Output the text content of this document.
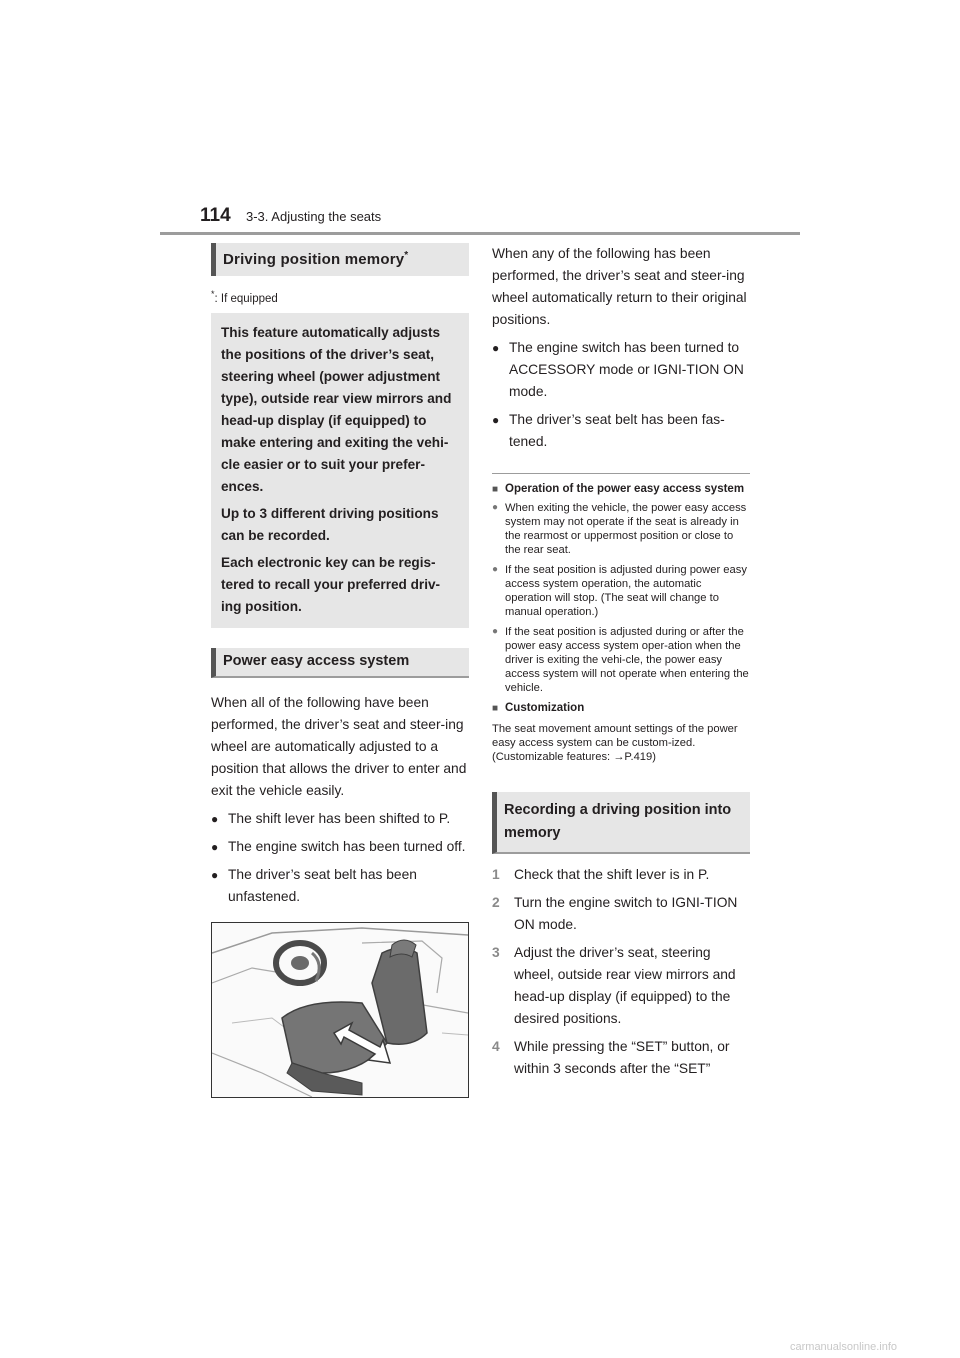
114 3-3. Adjusting the seats
Driving position memory*
*: If equipped

This feature automatically adjusts the positions of the driver’s seat, steering wheel (power adjustment type), outside rear view mirrors and head-up display (if equipped) to make entering and exiting the vehi-cle easier or to suit your prefer-ences.

Up to 3 different driving positions can be recorded.

Each electronic key can be regis-tered to recall your preferred driv-ing position.

Power easy access system

When all of the following have been performed, the driver’s seat and steer-ing wheel are automatically adjusted to a position that allows the driver to enter and exit the vehicle easily.

● The shift lever has been shifted to P.
● The engine switch has been turned off.
● The driver’s seat belt has been unfastened.

When any of the following has been performed, the driver’s seat and steer-ing wheel automatically return to their original positions.

● The engine switch has been turned to ACCESSORY mode or IGNI-TION ON mode.
● The driver’s seat belt has been fas-tened.
■ Operation of the power easy access system
● When exiting the vehicle, the power easy access system may not operate if the seat is already in the rearmost or uppermost position or close to the rear seat.
● If the seat position is adjusted during power easy access system operation, the automatic operation will stop. (The seat will change to manual operation.)
● If the seat position is adjusted during or after the power easy access system oper-ation when the driver is exiting the vehi-cle, the power easy access system will not operate when entering the vehicle.
■ Customization
The seat movement amount settings of the power easy access system can be custom-ized. (Customizable features: →P.419)
Recording a driving position into memory
1 Check that the shift lever is in P.
2 Turn the engine switch to IGNI-TION ON mode.
3 Adjust the driver’s seat, steering wheel, outside rear view mirrors and head-up display (if equipped) to the desired positions.
4 While pressing the “SET” button, or within 3 seconds after the “SET”
carmanualsonline.info
